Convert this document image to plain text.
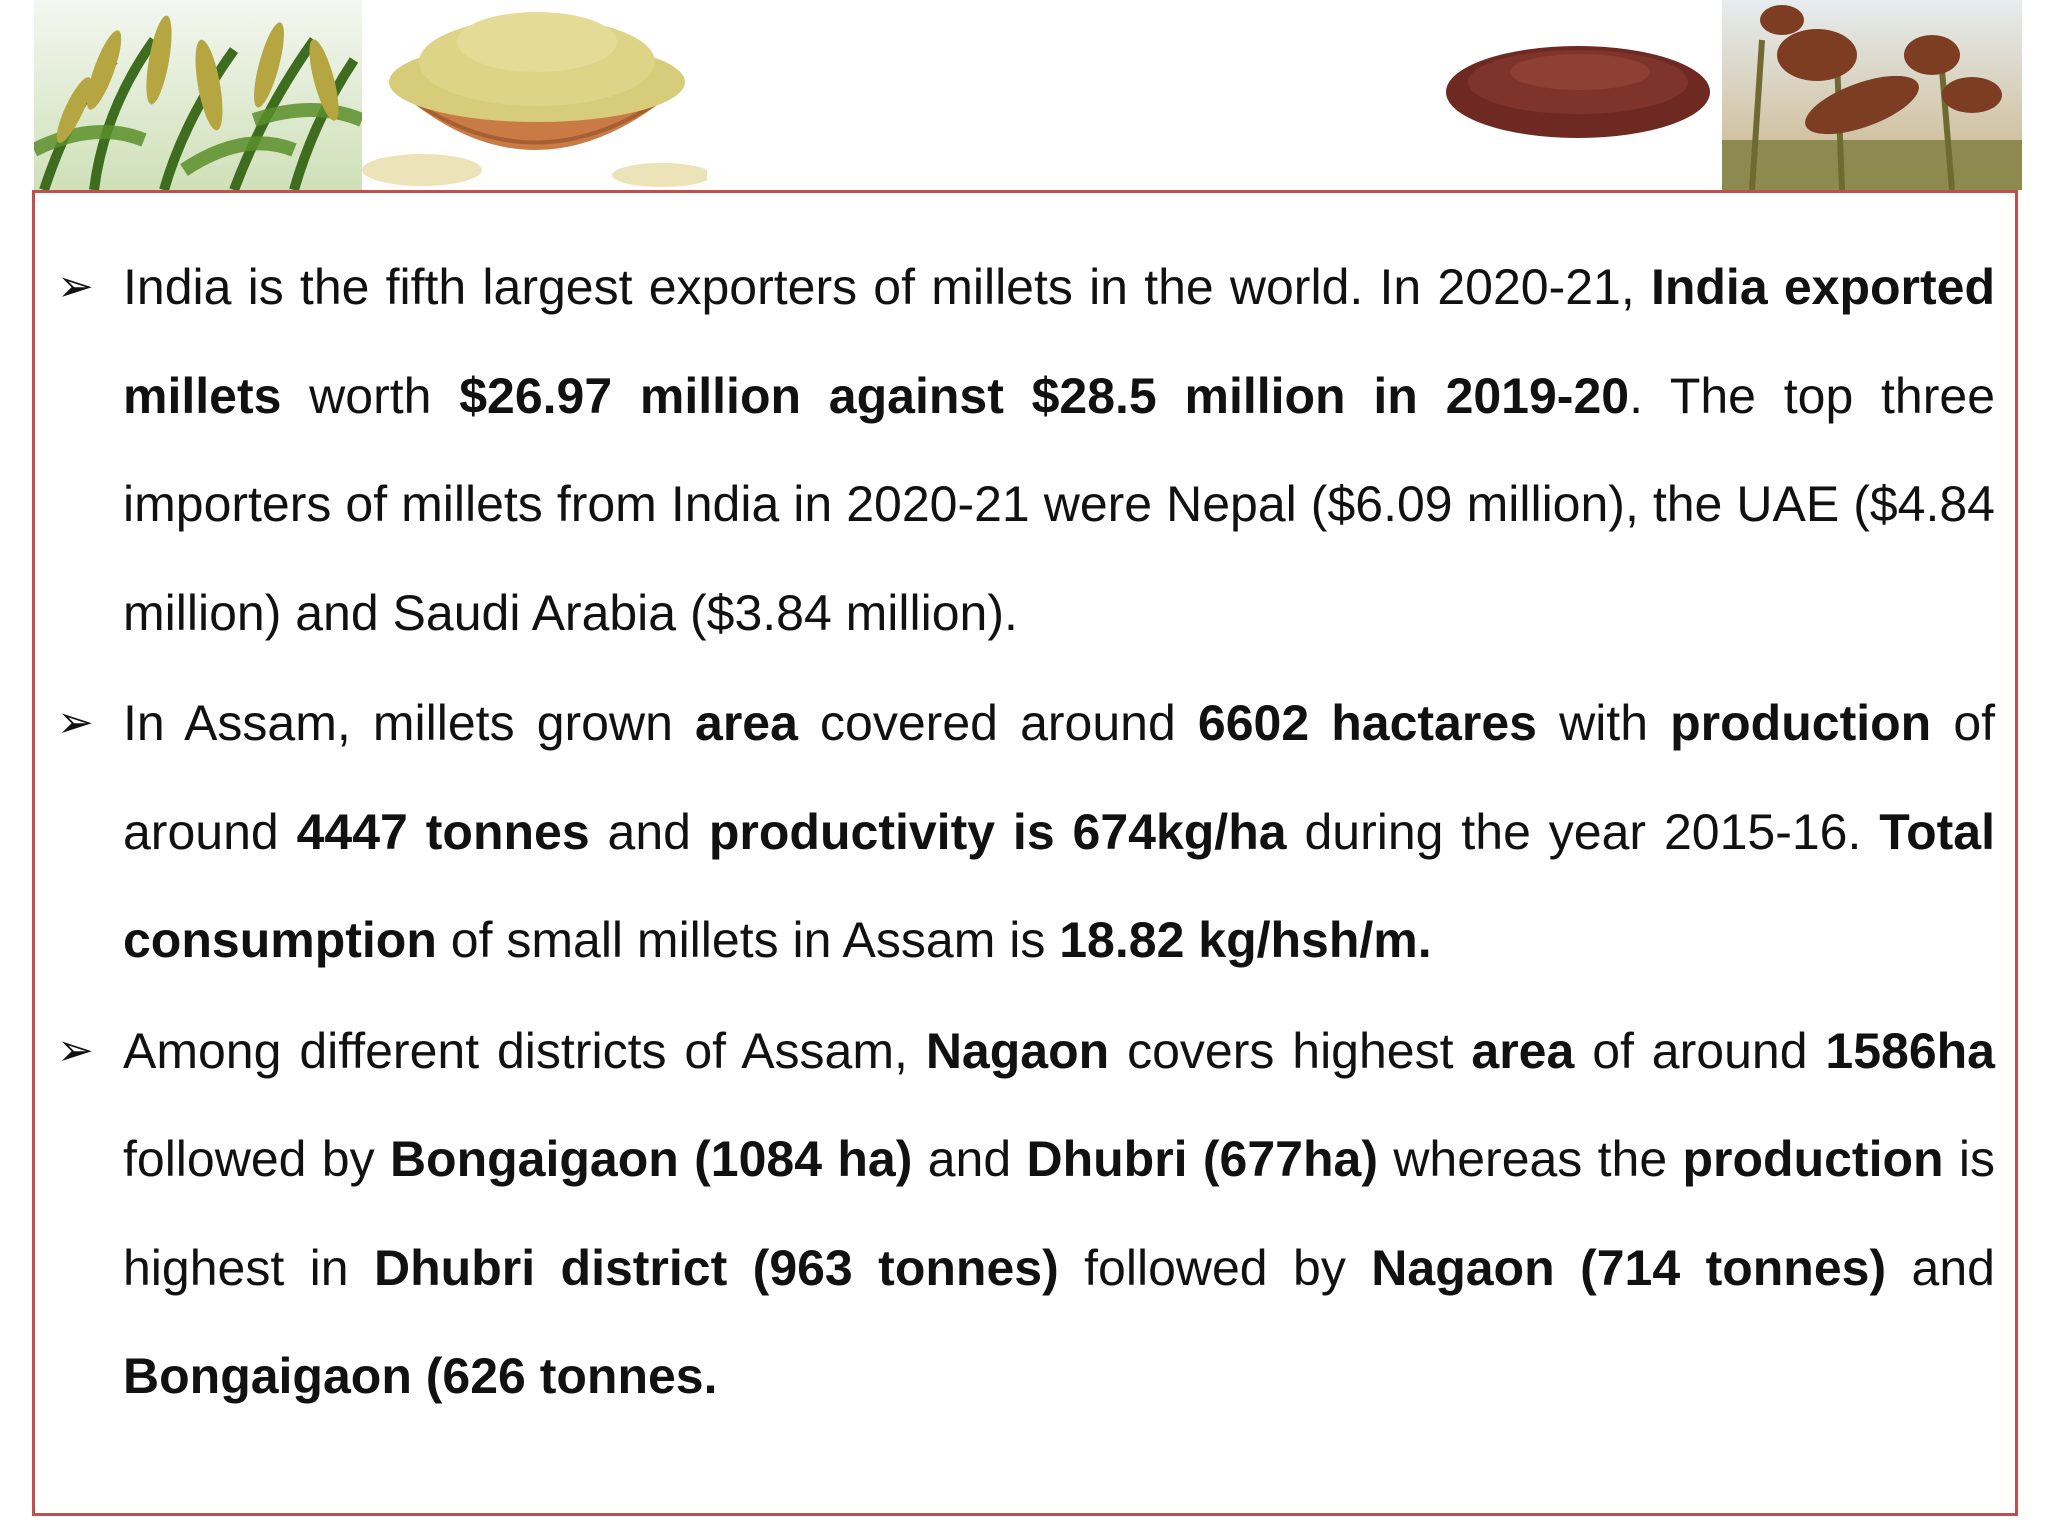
➢ India is the fifth largest exporters of millets in the world. In 2020-21, India exported millets worth $26.97 million against $28.5 million in 2019-20. The top three importers of millets from India in 2020-21 were Nepal ($6.09 million), the UAE ($4.84 million) and Saudi Arabia ($3.84 million).
➢ In Assam, millets grown area covered around 6602 hactares with production of around 4447 tonnes and productivity is 674kg/ha during the year 2015-16. Total consumption of small millets in Assam is 18.82 kg/hsh/m.
➢ Among different districts of Assam, Nagaon covers highest area of around 1586ha followed by Bongaigaon (1084 ha) and Dhubri (677ha) whereas the production is highest in Dhubri district (963 tonnes) followed by Nagaon (714 tonnes) and Bongaigaon (626 tonnes.
